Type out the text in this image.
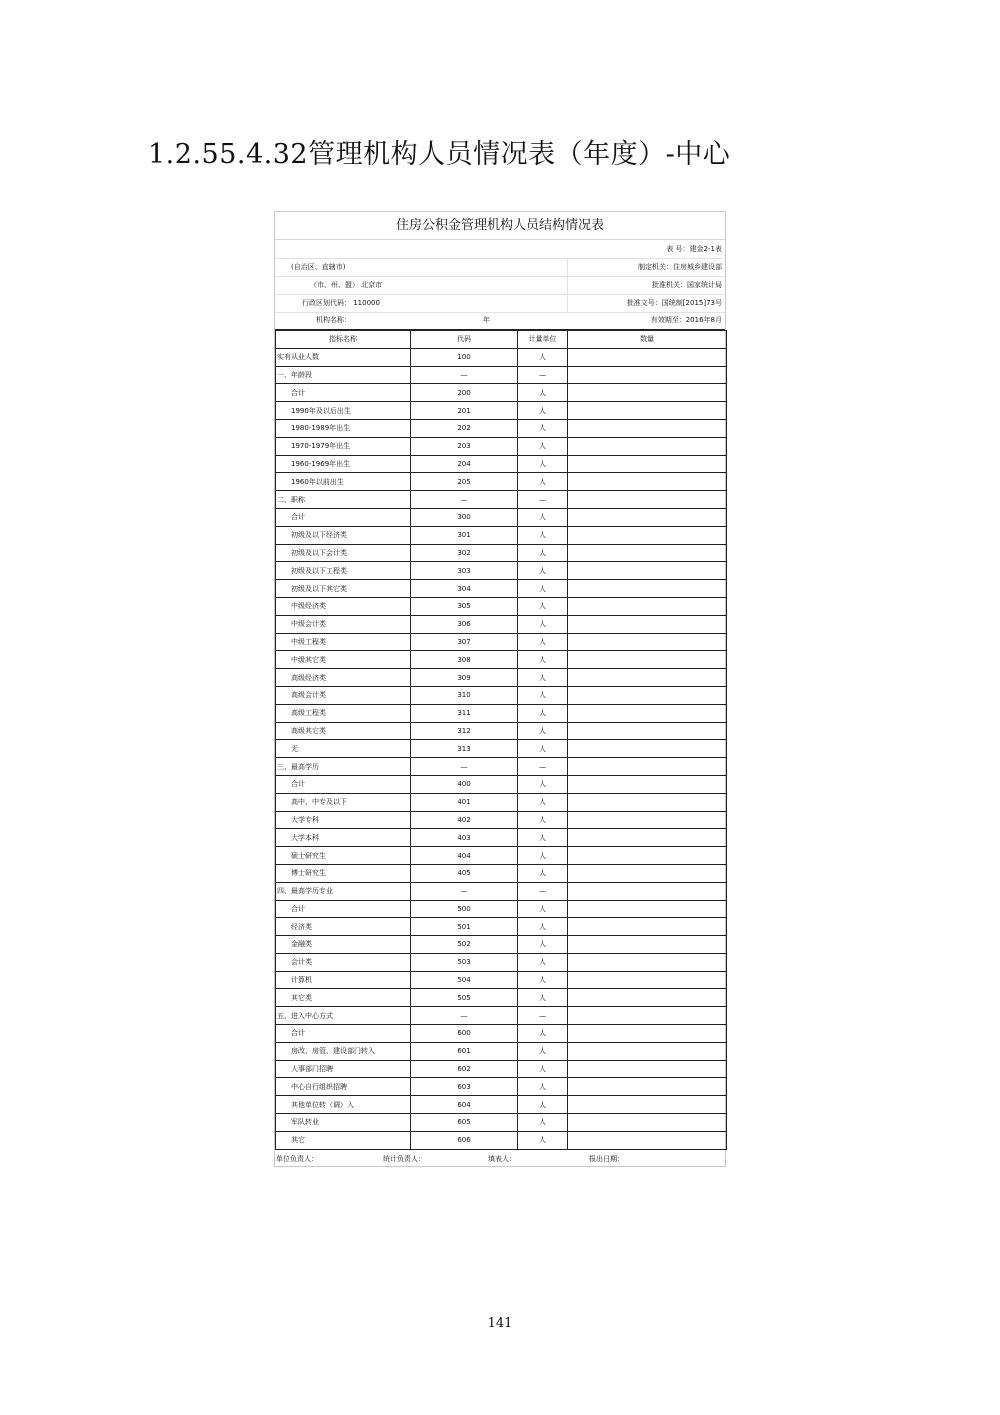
1.2.55.4.32管理机构人员情况表（年度）-中心
住房公积金管理机构人员结构情况表
表 号：建金2-1表
(自治区、直辖市)	制定机关：住房城乡建设部
（市、州、盟） 北京市	批准机关：国家统计局
行政区划代码： 110000	批准文号：国统制[2015]73号
机构名称：	年	有效期至：2016年8月
指标名称	代码	计量单位	数量
实有从业人数	100	人	
一、年龄段	—	—	
合计	200	人	
1990年及以后出生	201	人	
1980-1989年出生	202	人	
1970-1979年出生	203	人	
1960-1969年出生	204	人	
1960年以前出生	205	人	
二、职称	—	—	
合计	300	人	
初级及以下经济类	301	人	
初级及以下会计类	302	人	
初级及以下工程类	303	人	
初级及以下其它类	304	人	
中级经济类	305	人	
中级会计类	306	人	
中级工程类	307	人	
中级其它类	308	人	
高级经济类	309	人	
高级会计类	310	人	
高级工程类	311	人	
高级其它类	312	人	
无	313	人	
三、最高学历	—	—	
合计	400	人	
高中、中专及以下	401	人	
大学专科	402	人	
大学本科	403	人	
硕士研究生	404	人	
博士研究生	405	人	
四、最高学历专业	—	—	
合计	500	人	
经济类	501	人	
金融类	502	人	
会计类	503	人	
计算机	504	人	
其它类	505	人	
五、进入中心方式	—	—	
合计	600	人	
房改、房管、建设部门转入	601	人	
人事部门招聘	602	人	
中心自行组织招聘	603	人	
其他单位转（调）入	604	人	
军队转业	605	人	
其它	606	人	
单位负责人：	统计负责人：	填表人：	报出日期：
141
